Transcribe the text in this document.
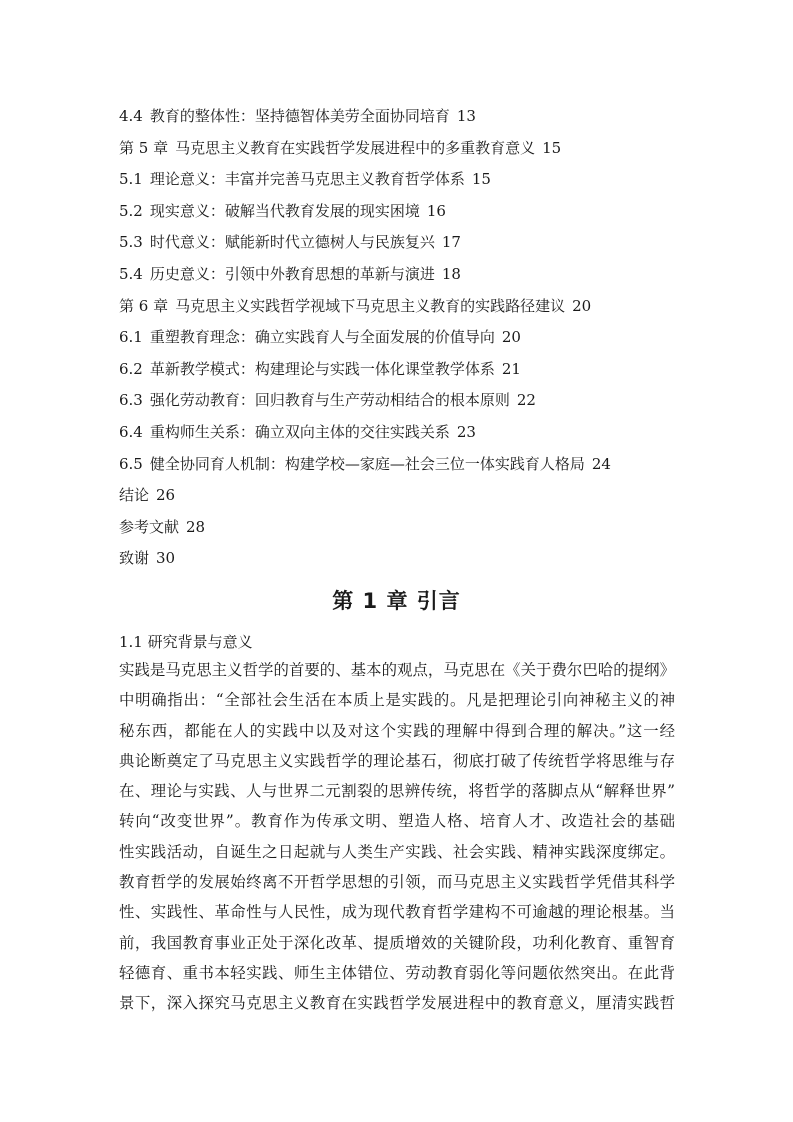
4.4 教育的整体性：坚持德智体美劳全面协同培育 13
第 5 章 马克思主义教育在实践哲学发展进程中的多重教育意义 15
5.1 理论意义：丰富并完善马克思主义教育哲学体系 15
5.2 现实意义：破解当代教育发展的现实困境 16
5.3 时代意义：赋能新时代立德树人与民族复兴 17
5.4 历史意义：引领中外教育思想的革新与演进 18
第 6 章 马克思主义实践哲学视域下马克思主义教育的实践路径建议 20
6.1 重塑教育理念：确立实践育人与全面发展的价值导向 20
6.2 革新教学模式：构建理论与实践一体化课堂教学体系 21
6.3 强化劳动教育：回归教育与生产劳动相结合的根本原则 22
6.4 重构师生关系：确立双向主体的交往实践关系 23
6.5 健全协同育人机制：构建学校—家庭—社会三位一体实践育人格局 24
结论 26
参考文献 28
致谢 30
第 1 章 引言
1.1 研究背景与意义
实践是马克思主义哲学的首要的、基本的观点，马克思在《关于费尔巴哈的提纲》
中明确指出：“全部社会生活在本质上是实践的。凡是把理论引向神秘主义的神
秘东西，都能在人的实践中以及对这个实践的理解中得到合理的解决。”这一经
典论断奠定了马克思主义实践哲学的理论基石，彻底打破了传统哲学将思维与存
在、理论与实践、人与世界二元割裂的思辨传统，将哲学的落脚点从“解释世界”
转向“改变世界”。教育作为传承文明、塑造人格、培育人才、改造社会的基础
性实践活动，自诞生之日起就与人类生产实践、社会实践、精神实践深度绑定。
教育哲学的发展始终离不开哲学思想的引领，而马克思主义实践哲学凭借其科学
性、实践性、革命性与人民性，成为现代教育哲学建构不可逾越的理论根基。当
前，我国教育事业正处于深化改革、提质增效的关键阶段，功利化教育、重智育
轻德育、重书本轻实践、师生主体错位、劳动教育弱化等问题依然突出。在此背
景下，深入探究马克思主义教育在实践哲学发展进程中的教育意义，厘清实践哲
